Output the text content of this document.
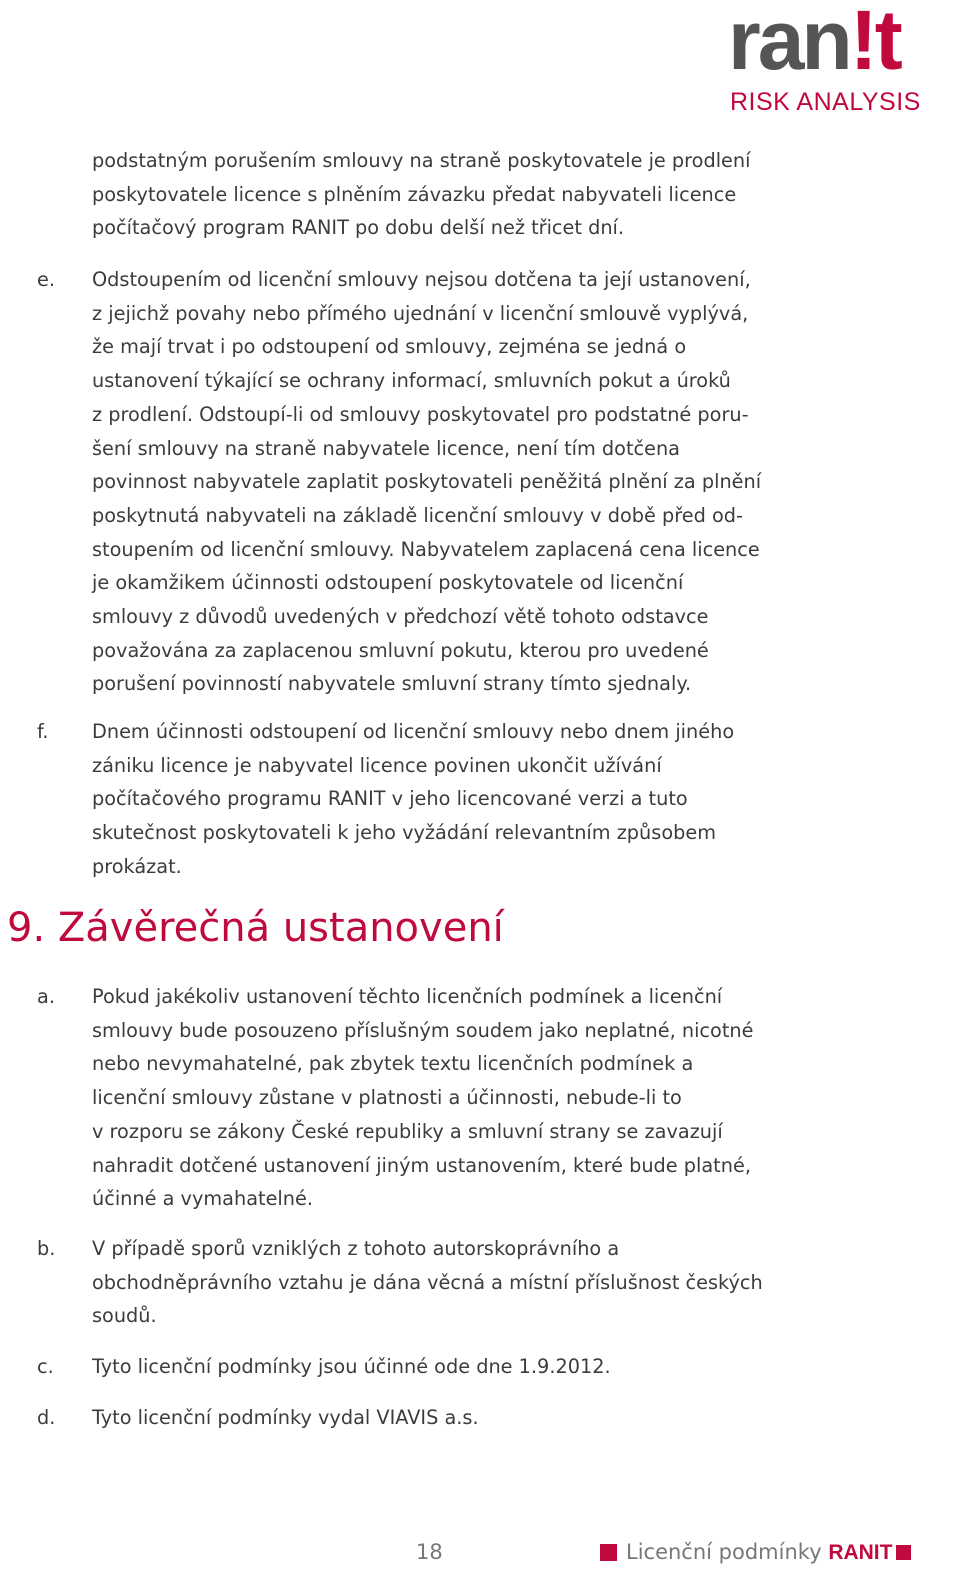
ran!t
RISK ANALYSIS
podstatným porušením smlouvy na straně poskytovatele je prodlení
poskytovatele licence s plněním závazku předat nabyvateli licence
počítačový program RANIT po dobu delší než třicet dní.
e. Odstoupením od licenční smlouvy nejsou dotčena ta její ustanovení,
z jejichž povahy nebo přímého ujednání v licenční smlouvě vyplývá,
že mají trvat i po odstoupení od smlouvy, zejména se jedná o
ustanovení týkající se ochrany informací, smluvních pokut a úroků
z prodlení. Odstoupí-li od smlouvy poskytovatel pro podstatné poru-
šení smlouvy na straně nabyvatele licence, není tím dotčena
povinnost nabyvatele zaplatit poskytovateli peněžitá plnění za plnění
poskytnutá nabyvateli na základě licenční smlouvy v době před od-
stoupením od licenční smlouvy. Nabyvatelem zaplacená cena licence
je okamžikem účinnosti odstoupení poskytovatele od licenční
smlouvy z důvodů uvedených v předchozí větě tohoto odstavce
považována za zaplacenou smluvní pokutu, kterou pro uvedené
porušení povinností nabyvatele smluvní strany tímto sjednaly.
f. Dnem účinnosti odstoupení od licenční smlouvy nebo dnem jiného
zániku licence je nabyvatel licence povinen ukončit užívání
počítačového programu RANIT v jeho licencované verzi a tuto
skutečnost poskytovateli k jeho vyžádání relevantním způsobem
prokázat.
9. Závěrečná ustanovení
a. Pokud jakékoliv ustanovení těchto licenčních podmínek a licenční
smlouvy bude posouzeno příslušným soudem jako neplatné, nicotné
nebo nevymahatelné, pak zbytek textu licenčních podmínek a
licenční smlouvy zůstane v platnosti a účinnosti, nebude-li to
v rozporu se zákony České republiky a smluvní strany se zavazují
nahradit dotčené ustanovení jiným ustanovením, které bude platné,
účinné a vymahatelné.
b. V případě sporů vzniklých z tohoto autorskoprávního a
obchodněprávního vztahu je dána věcná a místní příslušnost českých
soudů.
c. Tyto licenční podmínky jsou účinné ode dne 1.9.2012.
d. Tyto licenční podmínky vydal VIAVIS a.s.
18	Licenční podmínky RANIT
